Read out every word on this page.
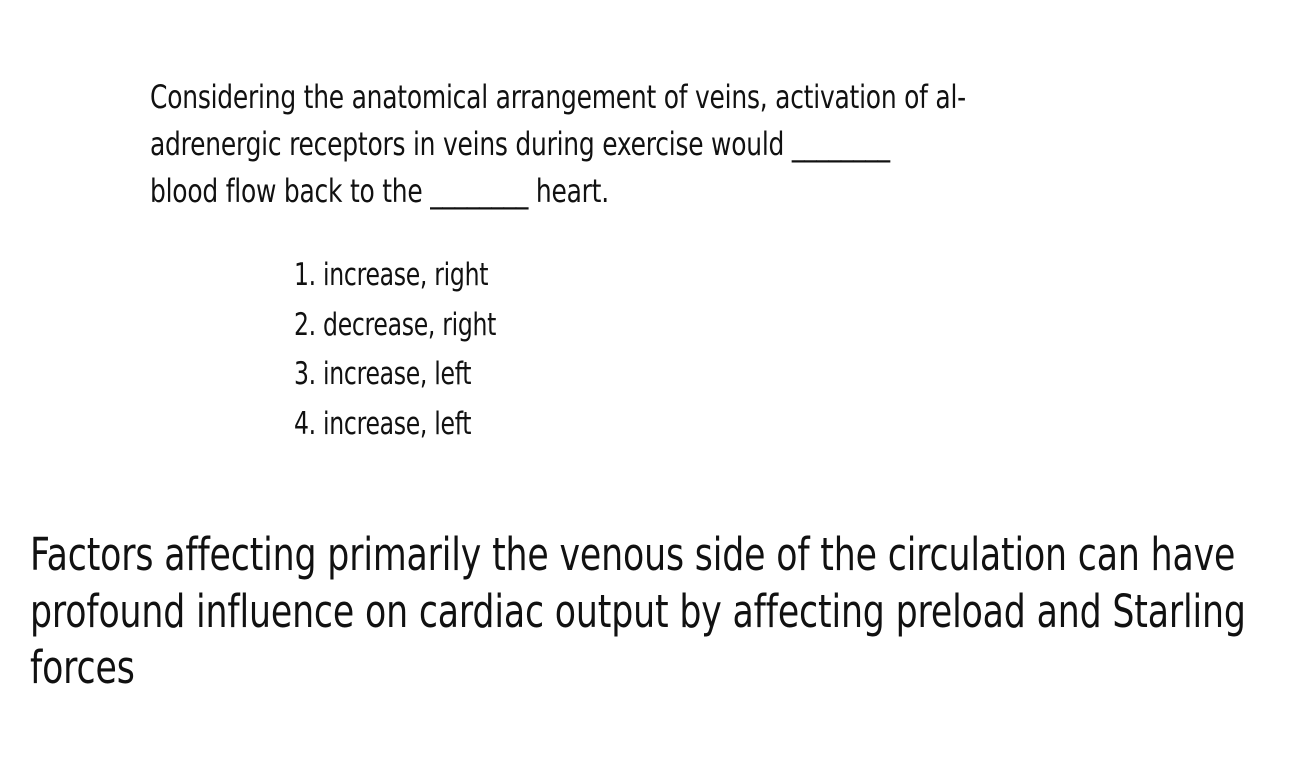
Considering the anatomical arrangement of veins, activation of al-
adrenergic receptors in veins during exercise would ________
blood flow back to the ________ heart.
1. increase, right
2. decrease, right
3. increase, left
4. increase, left
Factors affecting primarily the venous side of the circulation can have
profound influence on cardiac output by affecting preload and Starling
forces
